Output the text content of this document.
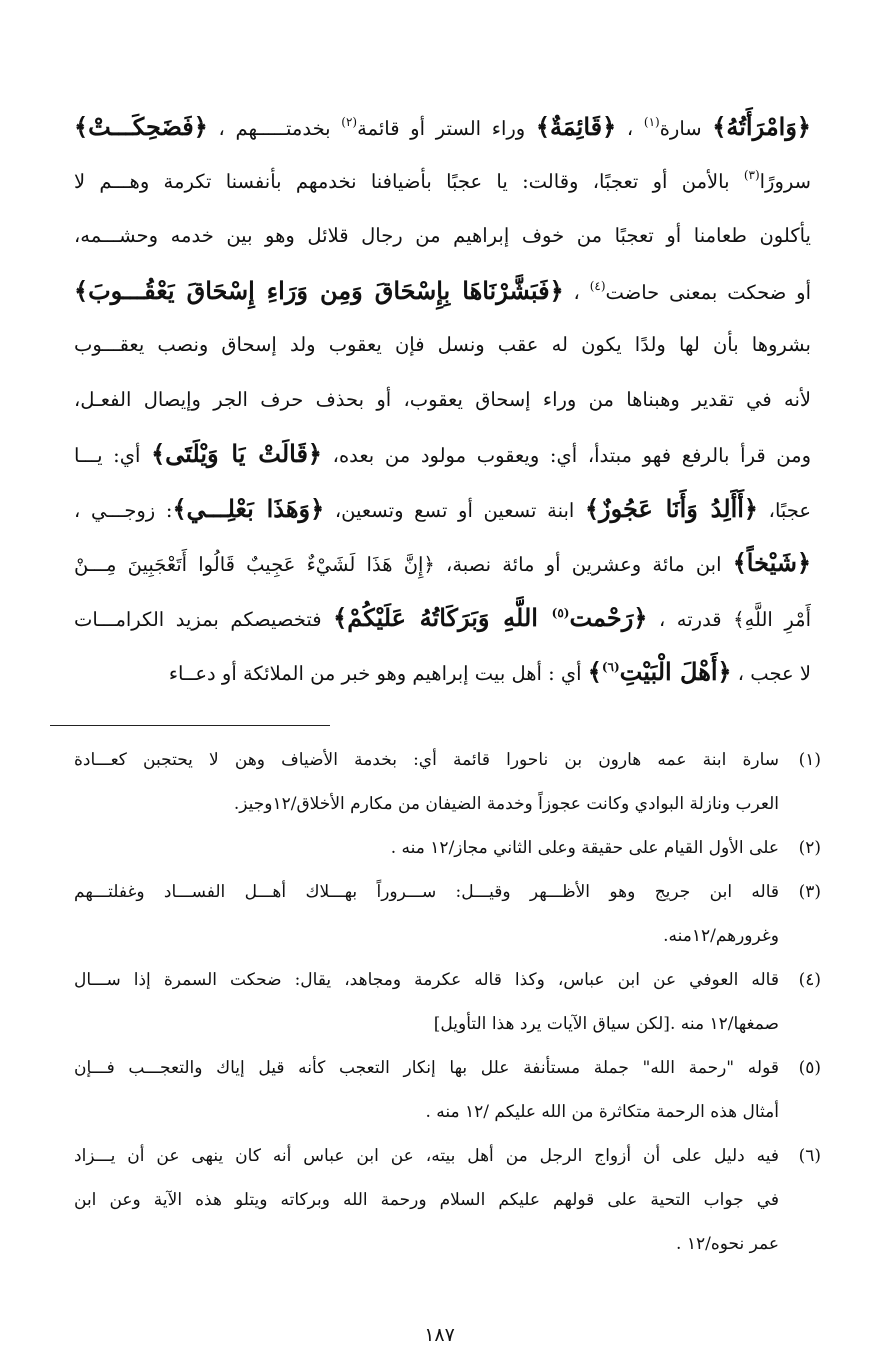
﴿وَامْرَأَتُهُ﴾ سارة$^{(١)}$ ، ﴿قَائِمَةٌ﴾ وراء الستر أو قائمة$^{(٢)}$ بخدمتـــــهم ، ﴿فَضَحِكَـــتْ﴾
سرورًا$^{(٣)}$ بالأمن أو تعجبًا، وقالت: يا عجبًا بأضيافنا نخدمهم بأنفسنا تكرمة وهـــم لا
يأكلون طعامنا أو تعجبًا من خوف إبراهيم من رجال قلائل وهو بين خدمه وحشـــمه،
أو ضحكت بمعنى حاضت$^{(٤)}$ ، ﴿فَبَشَّرْنَاهَا بِإِسْحَاقَ وَمِن وَرَاءِ إِسْحَاقَ يَعْقُـــوبَ﴾
بشروها بأن لها ولدًا يكون له عقب ونسل فإن يعقوب ولد إسحاق ونصب يعقـــوب
لأنه في تقدير وهبناها من وراء إسحاق يعقوب، أو بحذف حرف الجر وإيصال الفعـل،
ومن قرأ بالرفع فهو مبتدأ، أي: ويعقوب مولود من بعده، ﴿قَالَتْ يَا وَيْلَتَى﴾ أي: يـــا
عجبًا، ﴿أَأَلِدُ وَأَنَا عَجُوزٌ﴾ ابنة تسعين أو تسع وتسعين، ﴿وَهَذَا بَعْلِـــي﴾: زوجـــي ،
﴿شَيْخاً﴾ ابن مائة وعشرين أو مائة نصبة، ﴿إِنَّ هَذَا لَشَيْءٌ عَجِيبٌ قَالُوا أَتَعْجَبِينَ مِـــنْ
أَمْرِ اللَّهِ﴾ قدرته ، ﴿رَحْمت$^{(٥)}$ اللَّهِ وَبَرَكَاتُهُ عَلَيْكُمْ﴾ فتخصيصكم بمزيد الكرامـــات
لا عجب ، ﴿أَهْلَ الْبَيْتِ$^{(٦)}$﴾ أي : أهل بيت إبراهيم وهو خبر من الملائكة أو دعــاء
(١)
سارة ابنة عمه هارون بن ناحورا قائمة أي: بخدمة الأضياف وهن لا يحتجبن كعـــادة
العرب ونازلة البوادي وكانت عجوزاً وخدمة الضيفان من مكارم الأخلاق/١٢وجيز.
(٢)
على الأول القيام على حقيقة وعلى الثاني مجاز/١٢ منه .
(٣)
قاله ابن جريج وهو الأظـــهر وقيـــل: ســـروراً بهـــلاك أهـــل الفســـاد وغفلتـــهم
وغرورهم/١٢منه.
(٤)
قاله العوفي عن ابن عباس، وكذا قاله عكرمة ومجاهد، يقال: ضحكت السمرة إذا ســـال
صمغها/١٢ منه .[لكن سياق الآيات يرد هذا التأويل]
(٥)
قوله "رحمة الله" جملة مستأنفة علل بها إنكار التعجب كأنه قيل إياك والتعجـــب فـــإن
أمثال هذه الرحمة متكاثرة من الله عليكم /١٢ منه .
(٦)
فيه دليل على أن أزواج الرجل من أهل بيته، عن ابن عباس أنه كان ينهى عن أن يـــزاد
في جواب التحية على قولهم عليكم السلام ورحمة الله وبركاته ويتلو هذه الآية وعن ابن
عمر نحوه/١٢ .
١٨٧
